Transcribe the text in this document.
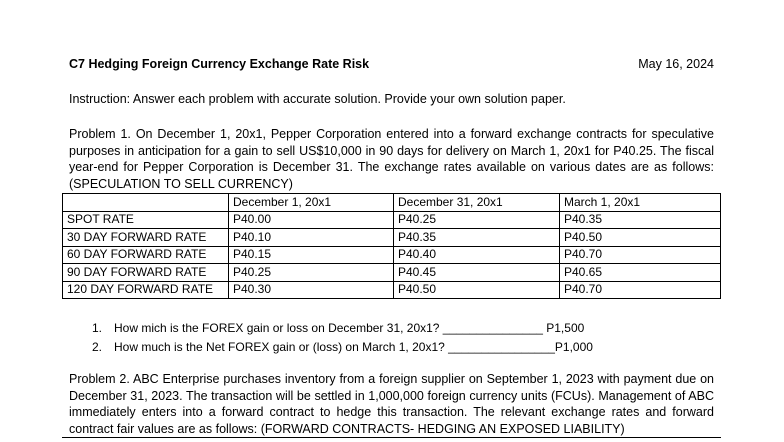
C7 Hedging Foreign Currency Exchange Rate Risk	May 16, 2024
Instruction: Answer each problem with accurate solution. Provide your own solution paper.
Problem 1. On December 1, 20x1, Pepper Corporation entered into a forward exchange contracts for speculative purposes in anticipation for a gain to sell US$10,000 in 90 days for delivery on March 1, 20x1 for P40.25. The fiscal year-end for Pepper Corporation is December 31. The exchange rates available on various dates are as follows: (SPECULATION TO SELL CURRENCY)
	December 1, 20x1	December 31, 20x1	March 1, 20x1
SPOT RATE	P40.00	P40.25	P40.35
30 DAY FORWARD RATE	P40.10	P40.35	P40.50
60 DAY FORWARD RATE	P40.15	P40.40	P40.70
90 DAY FORWARD RATE	P40.25	P40.45	P40.65
120 DAY FORWARD RATE	P40.30	P40.50	P40.70
1. How mich is the FOREX gain or loss on December 31, 20x1? _______________ P1,500
2. How much is the Net FOREX gain or (loss) on March 1, 20x1? ________________P1,000
Problem 2. ABC Enterprise purchases inventory from a foreign supplier on September 1, 2023 with payment due on December 31, 2023. The transaction will be settled in 1,000,000 foreign currency units (FCUs). Management of ABC immediately enters into a forward contract to hedge this transaction. The relevant exchange rates and forward contract fair values are as follows: (FORWARD CONTRACTS- HEDGING AN EXPOSED LIABILITY)
